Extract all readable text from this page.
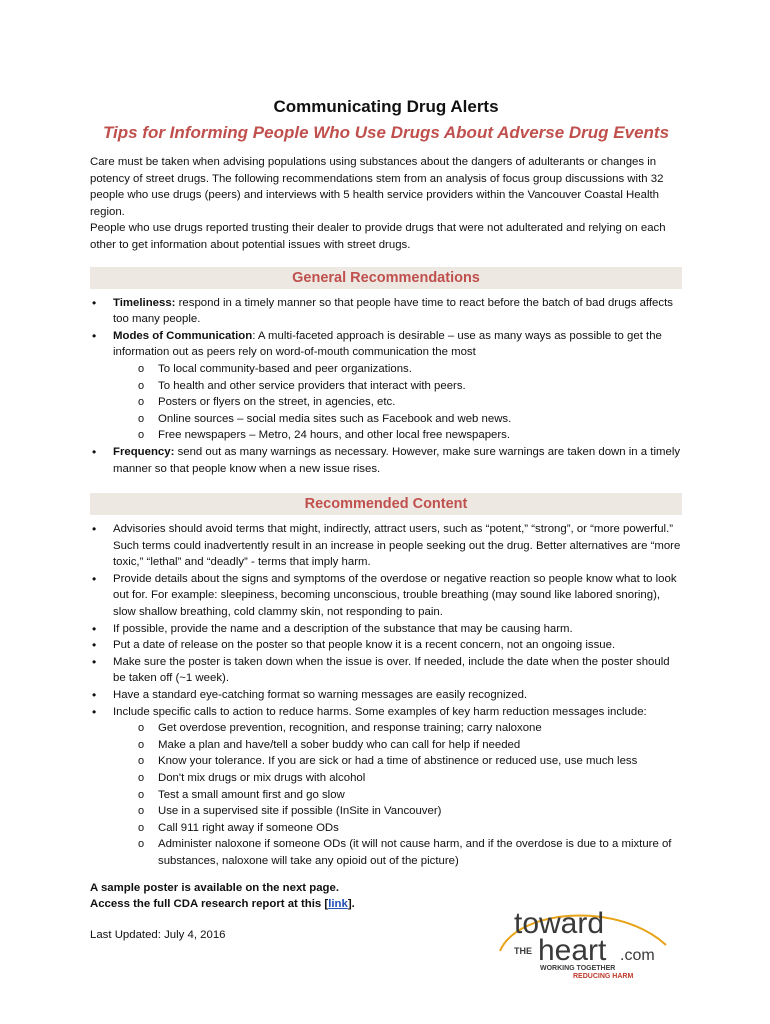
Communicating Drug Alerts
Tips for Informing People Who Use Drugs About Adverse Drug Events

Care must be taken when advising populations using substances about the dangers of adulterants or changes in potency of street drugs. The following recommendations stem from an analysis of focus group discussions with 32 people who use drugs (peers) and interviews with 5 health service providers within the Vancouver Coastal Health region.

People who use drugs reported trusting their dealer to provide drugs that were not adulterated and relying on each other to get information about potential issues with street drugs.

General Recommendations
• Timeliness: respond in a timely manner so that people have time to react before the batch of bad drugs affects too many people.
• Modes of Communication: A multi-faceted approach is desirable – use as many ways as possible to get the information out as peers rely on word-of-mouth communication the most
o To local community-based and peer organizations.
o To health and other service providers that interact with peers.
o Posters or flyers on the street, in agencies, etc.
o Online sources – social media sites such as Facebook and web news.
o Free newspapers – Metro, 24 hours, and other local free newspapers.
• Frequency: send out as many warnings as necessary. However, make sure warnings are taken down in a timely manner so that people know when a new issue rises.
Recommended Content
• Advisories should avoid terms that might, indirectly, attract users, such as “potent,” “strong”, or “more powerful.” Such terms could inadvertently result in an increase in people seeking out the drug. Better alternatives are “more toxic,” “lethal” and “deadly” - terms that imply harm.
• Provide details about the signs and symptoms of the overdose or negative reaction so people know what to look out for. For example: sleepiness, becoming unconscious, trouble breathing (may sound like labored snoring), slow shallow breathing, cold clammy skin, not responding to pain.
• If possible, provide the name and a description of the substance that may be causing harm.
• Put a date of release on the poster so that people know it is a recent concern, not an ongoing issue.
• Make sure the poster is taken down when the issue is over. If needed, include the date when the poster should be taken off (~1 week).
• Have a standard eye-catching format so warning messages are easily recognized.
• Include specific calls to action to reduce harms. Some examples of key harm reduction messages include:
o Get overdose prevention, recognition, and response training; carry naloxone
o Make a plan and have/tell a sober buddy who can call for help if needed
o Know your tolerance. If you are sick or had a time of abstinence or reduced use, use much less
o Don't mix drugs or mix drugs with alcohol
o Test a small amount first and go slow
o Use in a supervised site if possible (InSite in Vancouver)
o Call 911 right away if someone ODs
o Administer naloxone if someone ODs (it will not cause harm, and if the overdose is due to a mixture of substances, naloxone will take any opioid out of the picture)

A sample poster is available on the next page.

Access the full CDA research report at this [link].

Last Updated: July 4, 2016	toward
THE heart .com
WORKING TOGETHER
REDUCING HARM
